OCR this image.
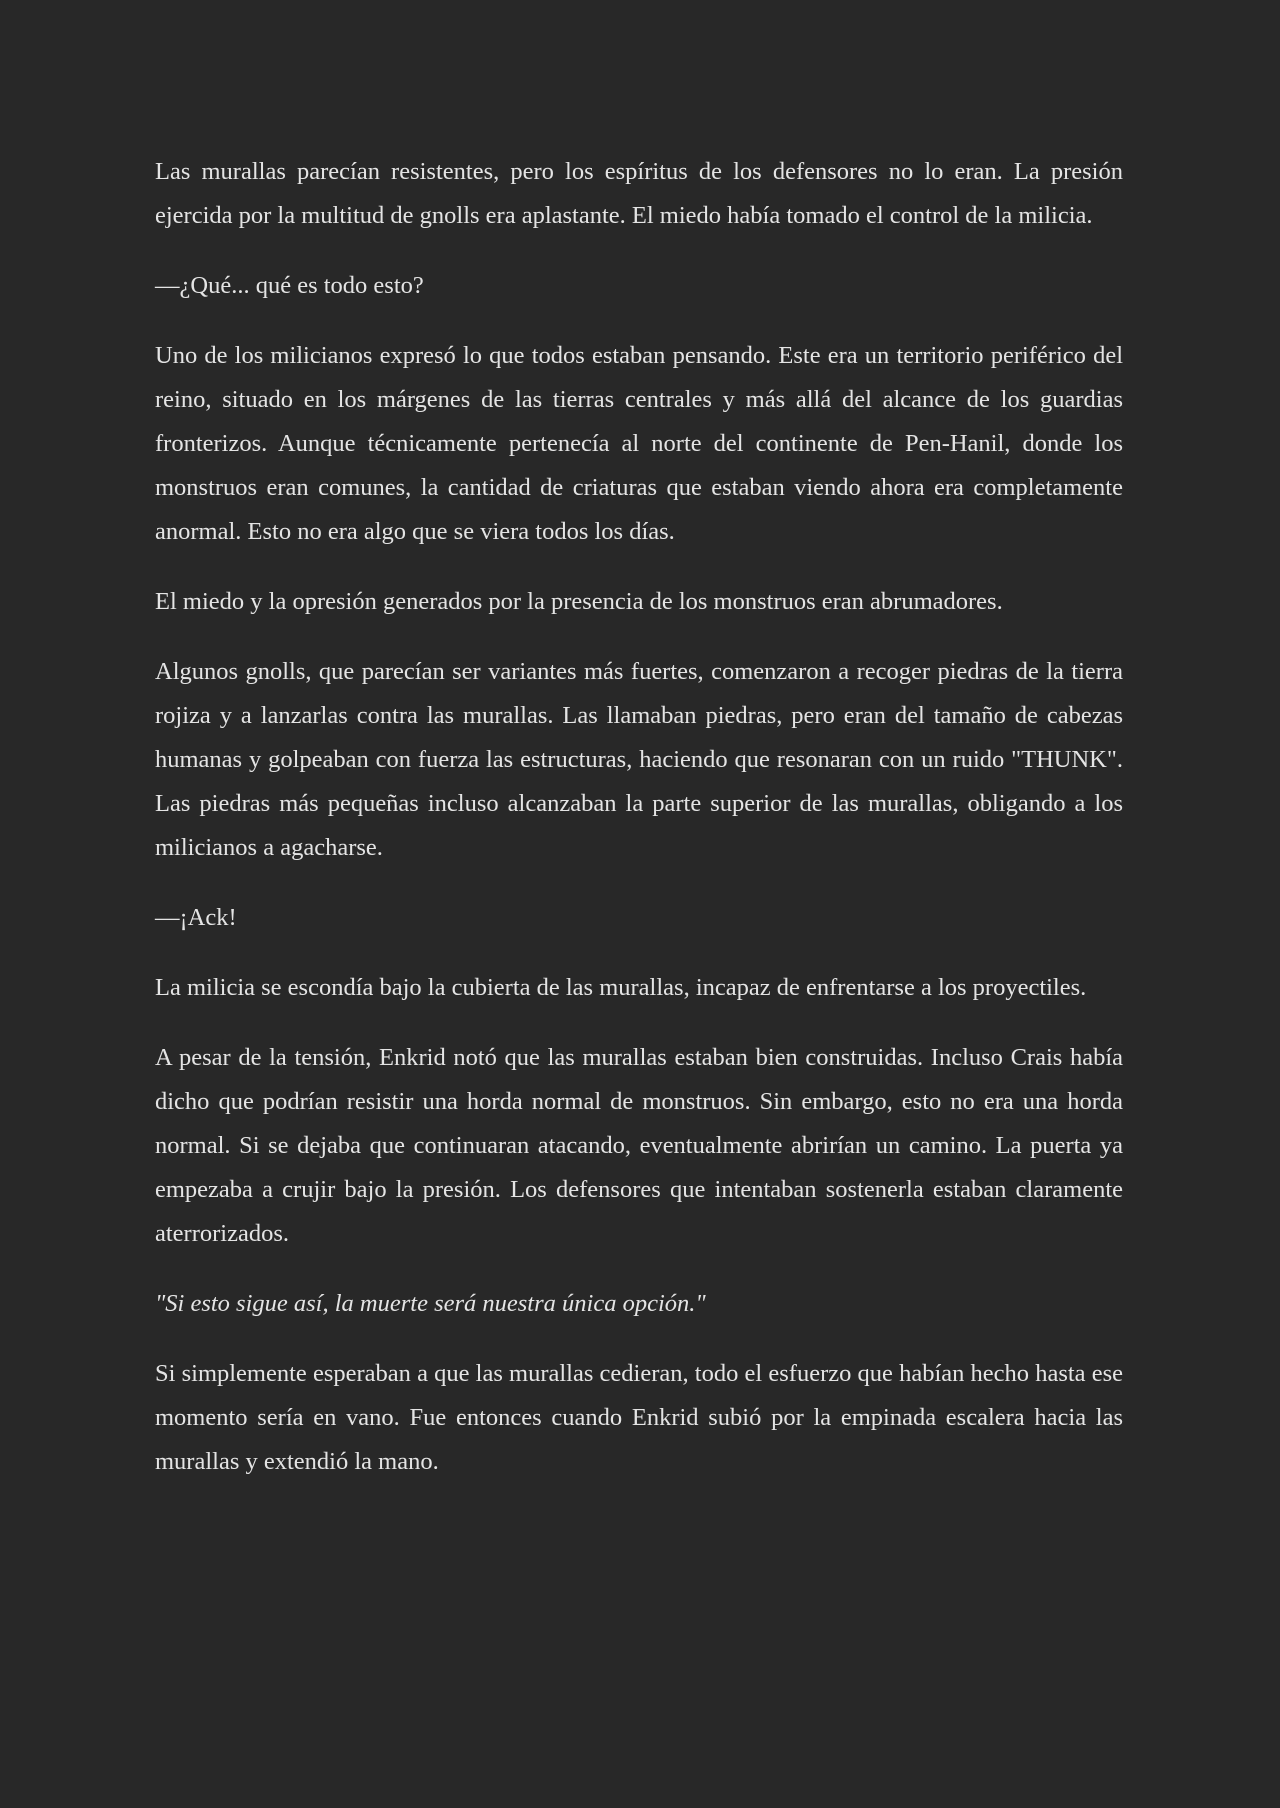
Las murallas parecían resistentes, pero los espíritus de los defensores no lo eran. La presión ejercida por la multitud de gnolls era aplastante. El miedo había tomado el control de la milicia.

—¿Qué... qué es todo esto?

Uno de los milicianos expresó lo que todos estaban pensando. Este era un territorio periférico del reino, situado en los márgenes de las tierras centrales y más allá del alcance de los guardias fronterizos. Aunque técnicamente pertenecía al norte del continente de Pen-Hanil, donde los monstruos eran comunes, la cantidad de criaturas que estaban viendo ahora era completamente anormal. Esto no era algo que se viera todos los días.

El miedo y la opresión generados por la presencia de los monstruos eran abrumadores.

Algunos gnolls, que parecían ser variantes más fuertes, comenzaron a recoger piedras de la tierra rojiza y a lanzarlas contra las murallas. Las llamaban piedras, pero eran del tamaño de cabezas humanas y golpeaban con fuerza las estructuras, haciendo que resonaran con un ruido "THUNK". Las piedras más pequeñas incluso alcanzaban la parte superior de las murallas, obligando a los milicianos a agacharse.

—¡Ack!

La milicia se escondía bajo la cubierta de las murallas, incapaz de enfrentarse a los proyectiles.

A pesar de la tensión, Enkrid notó que las murallas estaban bien construidas. Incluso Crais había dicho que podrían resistir una horda normal de monstruos. Sin embargo, esto no era una horda normal. Si se dejaba que continuaran atacando, eventualmente abrirían un camino. La puerta ya empezaba a crujir bajo la presión. Los defensores que intentaban sostenerla estaban claramente aterrorizados.

"Si esto sigue así, la muerte será nuestra única opción."

Si simplemente esperaban a que las murallas cedieran, todo el esfuerzo que habían hecho hasta ese momento sería en vano. Fue entonces cuando Enkrid subió por la empinada escalera hacia las murallas y extendió la mano.
